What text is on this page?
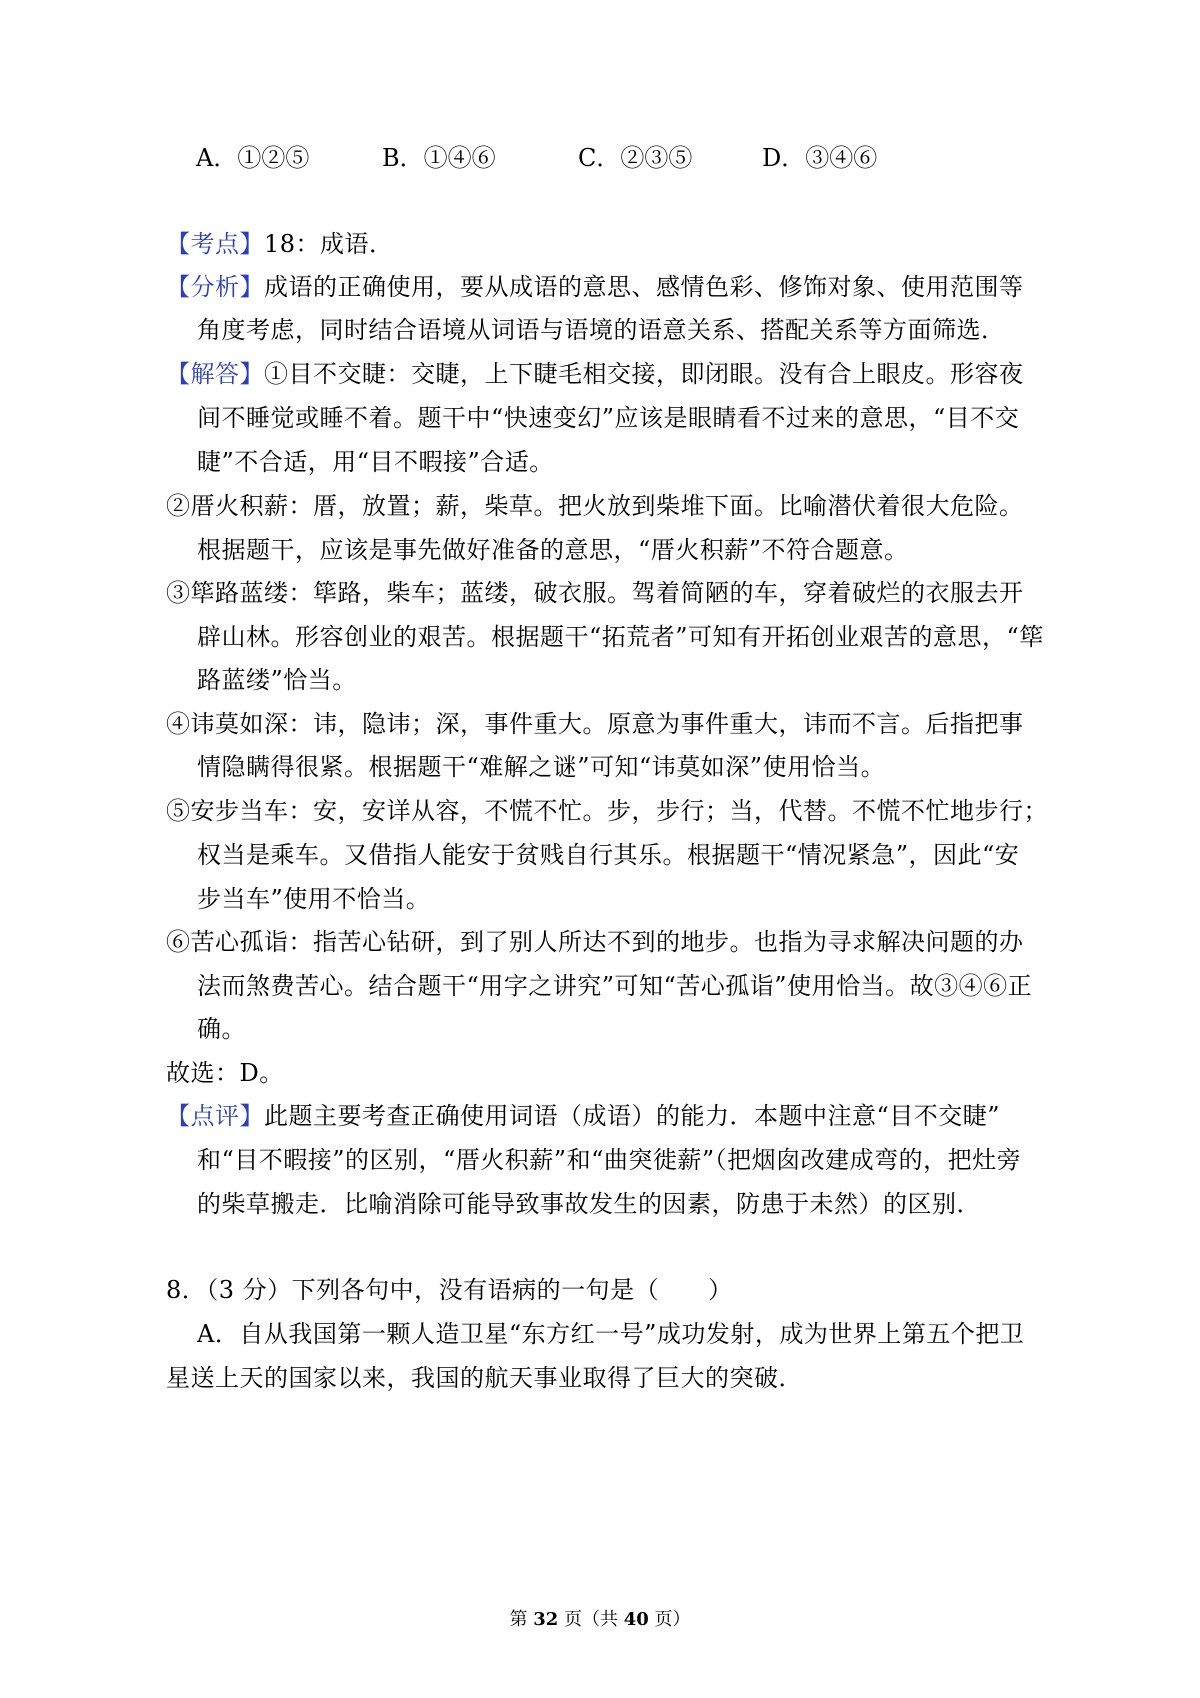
A．①②⑤	B．①④⑥	C．②③⑤	D．③④⑥
【考点】18：成语．
【分析】成语的正确使用，要从成语的意思、感情色彩、修饰对象、使用范围等
角度考虑，同时结合语境从词语与语境的语意关系、搭配关系等方面筛选．
【解答】①目不交睫：交睫，上下睫毛相交接，即闭眼。没有合上眼皮。形容夜
间不睡觉或睡不着。题干中“快速变幻”应该是眼睛看不过来的意思，“目不交
睫”不合适，用“目不暇接”合适。
②厝火积薪：厝，放置；薪，柴草。把火放到柴堆下面。比喻潜伏着很大危险。
根据题干，应该是事先做好准备的意思，“厝火积薪”不符合题意。
③筚路蓝缕：筚路，柴车；蓝缕，破衣服。驾着简陋的车，穿着破烂的衣服去开
辟山林。形容创业的艰苦。根据题干“拓荒者”可知有开拓创业艰苦的意思，“筚
路蓝缕”恰当。
④讳莫如深：讳，隐讳；深，事件重大。原意为事件重大，讳而不言。后指把事
情隐瞒得很紧。根据题干“难解之谜”可知“讳莫如深”使用恰当。
⑤安步当车：安，安详从容，不慌不忙。步，步行；当，代替。不慌不忙地步行；
权当是乘车。又借指人能安于贫贱自行其乐。根据题干“情况紧急”，因此“安
步当车”使用不恰当。
⑥苦心孤诣：指苦心钻研，到了别人所达不到的地步。也指为寻求解决问题的办
法而煞费苦心。结合题干“用字之讲究”可知“苦心孤诣”使用恰当。故③④⑥正
确。
故选：D。
【点评】此题主要考查正确使用词语（成语）的能力．本题中注意“目不交睫”
和“目不暇接”的区别，“厝火积薪”和“曲突徙薪”（把烟囱改建成弯的，把灶旁
的柴草搬走．比喻消除可能导致事故发生的因素，防患于未然）的区别．
8．（3 分）下列各句中，没有语病的一句是（　　）
A．自从我国第一颗人造卫星“东方红一号”成功发射，成为世界上第五个把卫
星送上天的国家以来，我国的航天事业取得了巨大的突破．
第 32 页（共 40 页）
